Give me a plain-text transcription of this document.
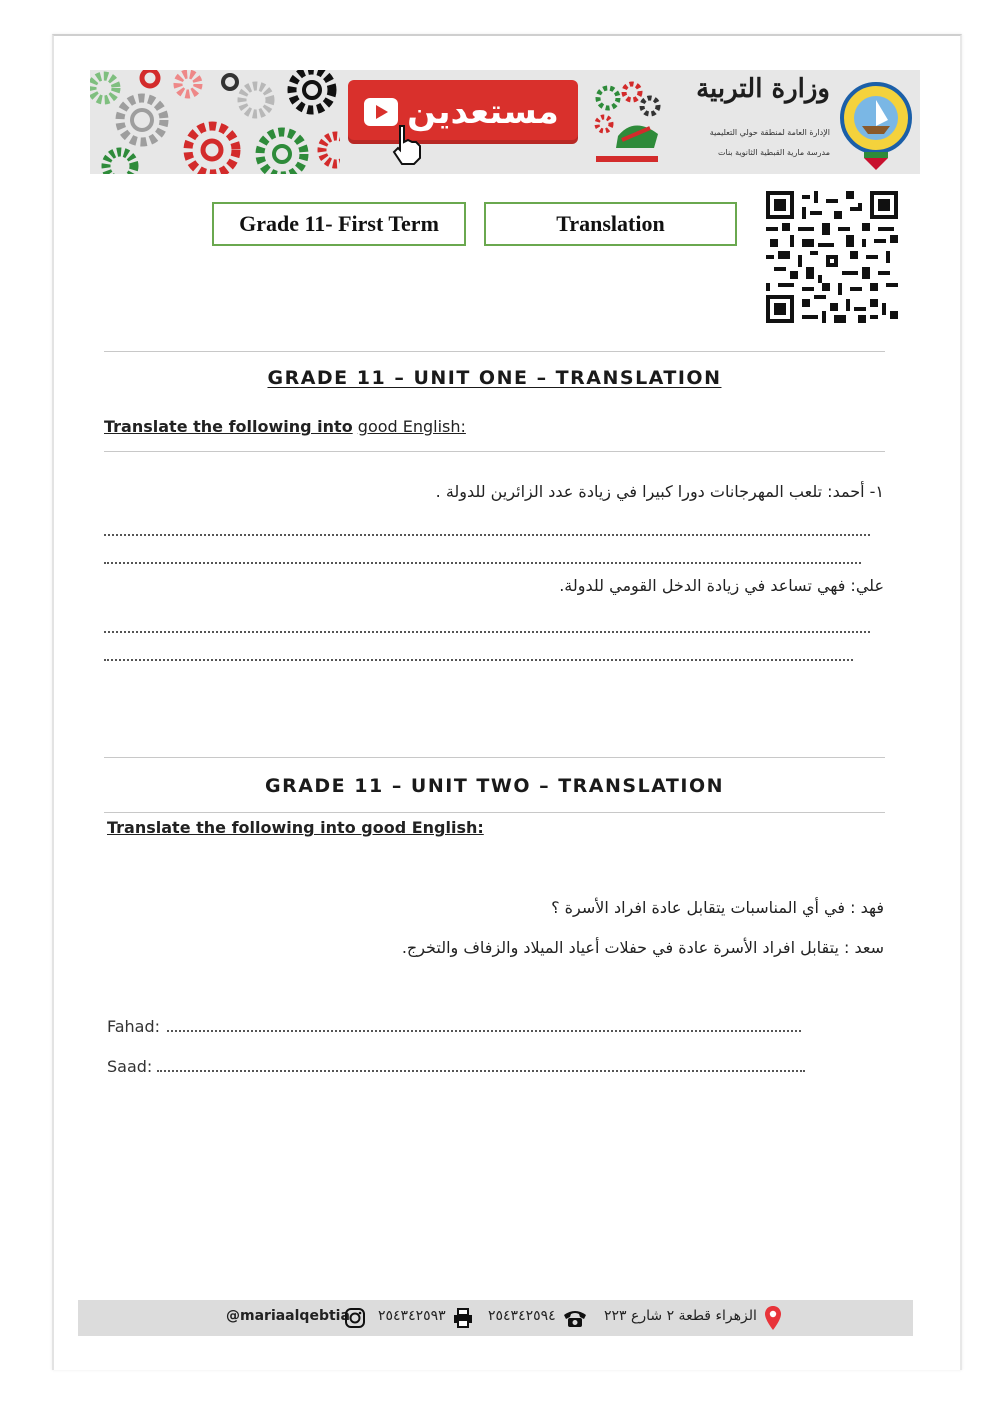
مستعدين
وزارة التربية
الإدارة العامة لمنطقة حولي التعليمية
مدرسة مارية القبطية الثانوية بنات
Grade 11- First Term	Translation
GRADE 11 – UNIT ONE – TRANSLATION
Translate the following into good English:
١- أحمد: تلعب المهرجانات دورا كبيرا في زيادة عدد الزائرين للدولة .
علي: فهي تساعد في زيادة الدخل القومي للدولة.
GRADE 11 – UNIT TWO – TRANSLATION
Translate the following into good English:
فهد : في أي المناسبات يتقابل عادة افراد الأسرة ؟
سعد : يتقابل افراد الأسرة عادة في حفلات أعياد الميلاد والزفاف والتخرج.
Fahad:
Saad:
@mariaalqebtia ٢٥٤٣٤٢٥٩٣	٢٥٤٣٤٢٥٩٤	الزهراء قطعة ٢ شارع ٢٢٣
